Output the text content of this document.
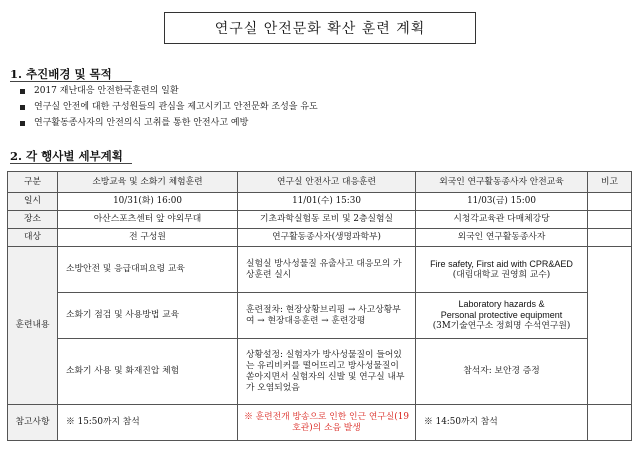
연구실 안전문화 확산 훈련 계획
1. 추진배경 및 목적
2017 재난대응 안전한국훈련의 일환
연구실 안전에 대한 구성원들의 관심을 제고시키고 안전문화 조성을 유도
연구활동종사자의 안전의식 고취를 통한 안전사고 예방
2. 각 행사별 세부계획
구분	소방교육 및 소화기 체험훈련	연구실 안전사고 대응훈련	외국인 연구활동종사자 안전교육	비고
일시	10/31(화) 16:00	11/01(수) 15:30	11/03(금) 15:00	
장소	아산스포츠센터 앞 야외무대	기초과학실험동 로비 및 2층실험실	시청각교육관 다매체강당	
대상	전 구성원	연구활동종사자(생명과학부)	외국인 연구활동종사자	
훈련내용	소방안전 및 응급대피요령 교육	실험실 방사성물질 유출사고 대응모의 가상훈련 실시	Fire safety, First aid with CPR&AED
(대림대학교 권영희 교수)	

	소화기 점검 및 사용방법 교육	훈련절차: 현장상황브리핑 → 사고상황부여 → 현장대응훈련 → 훈련강평	Laboratory hazards &
Personal protective equipment
(3M기술연구소 정회명 수석연구원)	

	소화기 사용 및 화재진압 체험	상황설정: 실험자가 방사성물질이 들어있는 유리비커를 떨어뜨리고 방사성물질이 쏟아지면서 실험자의 신발 및 연구실 내부가 오염되었음	참석자: 보안경 증정	
참고사항	※ 15:50까지 참석	※ 훈련전개 방송으로 인한 인근 연구실(19호관)의 소음 발생	※ 14:50까지 참석	
